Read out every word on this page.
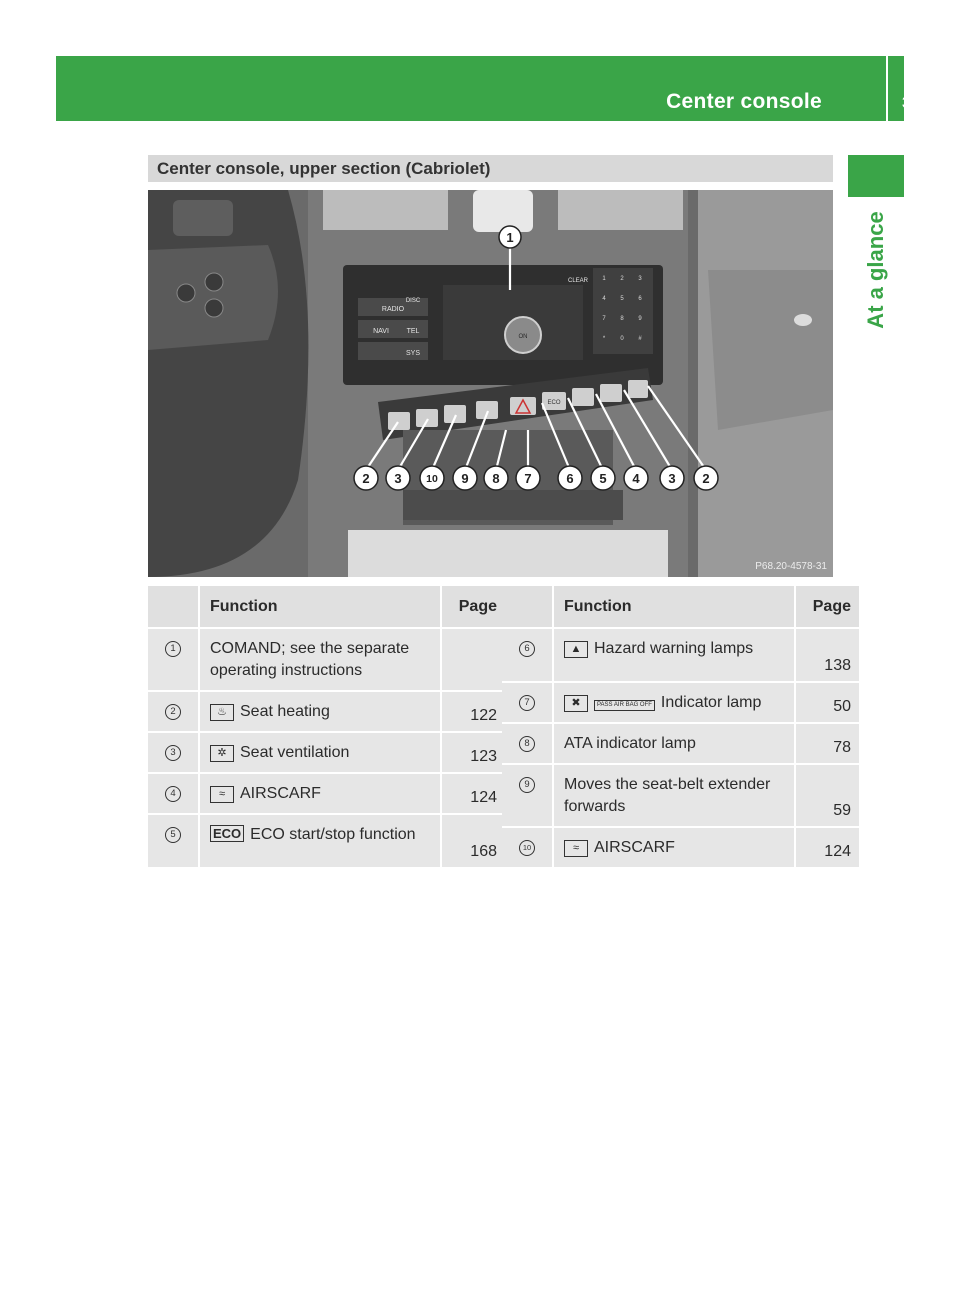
Center console	35
At a glance
Center console, upper section (Cabriolet)
RADIO
DISC
NAVI	TEL
SYS
CLEAR
ON
1 2 3
4 5 6
7 8 9
*	0 #
ECO
1
2 3 10 9 8 7	6 5 4 3 2
P68.20-4578-31
	Function	Page
1	COMAND; see the separate operating instructions	
2	♨ Seat heating	122
3	✲ Seat ventilation	123
4	≈ AIRSCARF	124
5	ECO ECO start/stop function	168
	Function	Page
6	▲ Hazard warning lamps	138
7	✖ PASS AIR BAG OFF Indicator lamp	50
8	ATA indicator lamp	78
9	Moves the seat-belt extender forwards	59
10	≈ AIRSCARF	124
